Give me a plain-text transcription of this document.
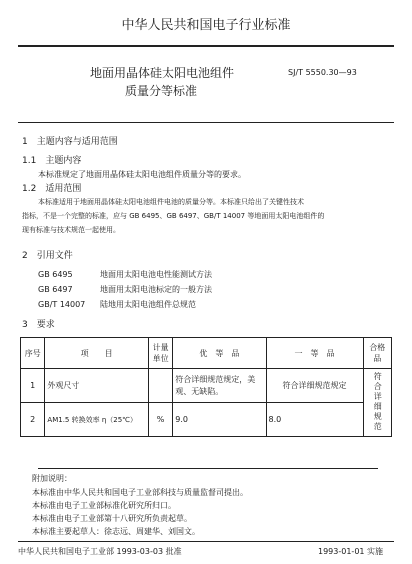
中华人民共和国电子行业标准
地面用晶体硅太阳电池组件
质量分等标准
SJ/T 5550.30—93
1　主题内容与适用范围
1.1　主题内容
本标准规定了地面用晶体硅太阳电池组件质量分等的要求。
1.2　适用范围
本标准适用于地面用晶体硅太阳电池组件电池的质量分等。本标准只给出了关键性技术
指标，不是一个完整的标准，应与 GB 6495、GB 6497、GB/T 14007 等地面用太阳电池组件的
现有标准与技术规范一起使用。
2　引用文件
GB 6495	地面用太阳电池电性能测试方法
GB 6497	地面用太阳电池标定的一般方法
GB/T 14007 陆地用太阳电池组件总规范
3　要求
序号	项　　目	计量单位	优　等　品	一　等　品	合格品
1	外观尺寸		符合详细规范规定，美观、无缺陷。	符合详细规范规定	符合详细规范
2	AM1.5 转换效率 η（25℃）	%	9.0	8.0	
附加说明：
本标准由中华人民共和国电子工业部科技与质量监督司提出。
本标准由电子工业部标准化研究所归口。
本标准由电子工业部第十八研究所负责起草。
本标准主要起草人：徐志远、周建华、刘国文。
中华人民共和国电子工业部 1993-03-03 批准	1993-01-01 实施
